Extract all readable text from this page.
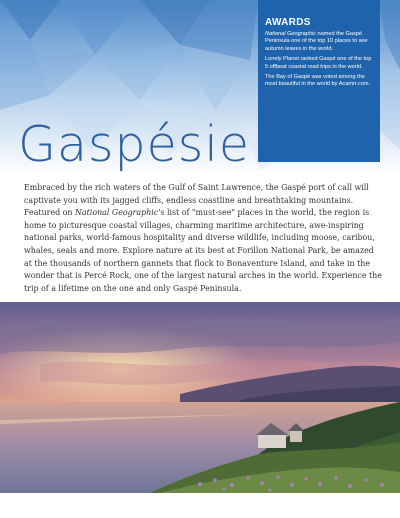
AWARDS

National Geographic named the Gaspé Peninsula one of the top 10 places to see autumn leaves in the world.

Lonely Planet ranked Gaspé one of the top 5 offbeat coastal road trips in the world.

The Bay of Gaspé was voted among the most beautiful in the world by Acamrr.com.

Gaspésie
Embraced by the rich waters of the Gulf of Saint Lawrence, the Gaspé port of call will captivate you with its jagged cliffs, endless coastline and breathtaking mountains. Featured on National Geographic's list of "must-see" places in the world, the region is home to picturesque coastal villages, charming maritime architecture, awe-inspiring national parks, world-famous hospitality and diverse wildlife, including moose, caribou, whales, seals and more. Explore nature at its best at Forillon National Park, be amazed at the thousands of northern gannets that flock to Bonaventure Island, and take in the wonder that is Percé Rock, one of the largest natural arches in the world. Experience the trip of a lifetime on the one and only Gaspé Peninsula.
